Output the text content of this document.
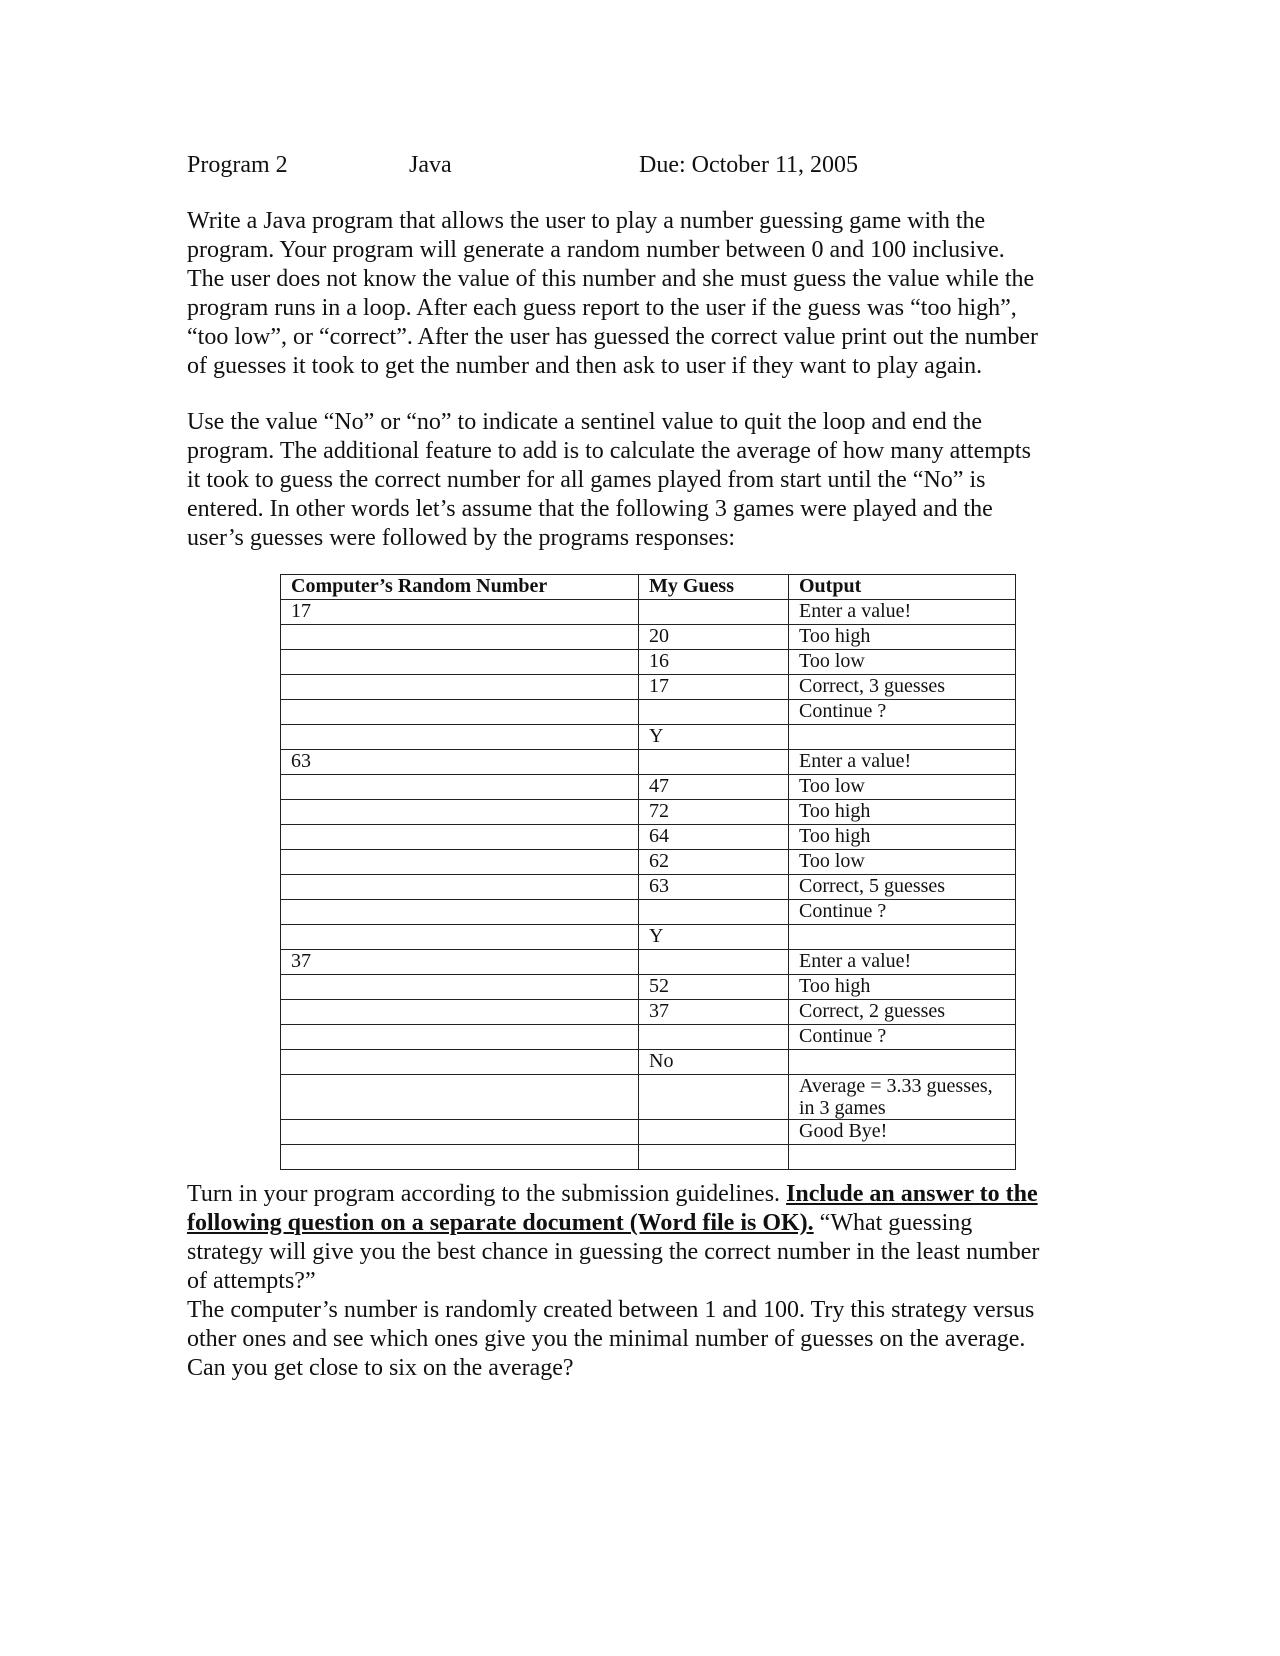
Program 2	Java	Due: October 11, 2005

Write a Java program that allows the user to play a number guessing game with the
program. Your program will generate a random number between 0 and 100 inclusive.
The user does not know the value of this number and she must guess the value while the
program runs in a loop. After each guess report to the user if the guess was “too high”,
“too low”, or “correct”. After the user has guessed the correct value print out the number
of guesses it took to get the number and then ask to user if they want to play again.

Use the value “No” or “no” to indicate a sentinel value to quit the loop and end the
program. The additional feature to add is to calculate the average of how many attempts
it took to guess the correct number for all games played from start until the “No” is
entered. In other words let’s assume that the following 3 games were played and the
user’s guesses were followed by the programs responses:

Computer’s Random Number	My Guess	Output
17		Enter a value!
	20	Too high
	16	Too low
	17	Correct, 3 guesses
		Continue ?
	Y	
63		Enter a value!
	47	Too low
	72	Too high
	64	Too high
	62	Too low
	63	Correct, 5 guesses
		Continue ?
	Y	
37		Enter a value!
	52	Too high
	37	Correct, 2 guesses
		Continue ?
	No	
		Average = 3.33 guesses, in 3 games
		Good Bye!

Turn in your program according to the submission guidelines. Include an answer to the
following question on a separate document (Word file is OK). “What guessing
strategy will give you the best chance in guessing the correct number in the least number
of attempts?”
The computer’s number is randomly created between 1 and 100. Try this strategy versus
other ones and see which ones give you the minimal number of guesses on the average.
Can you get close to six on the average?
